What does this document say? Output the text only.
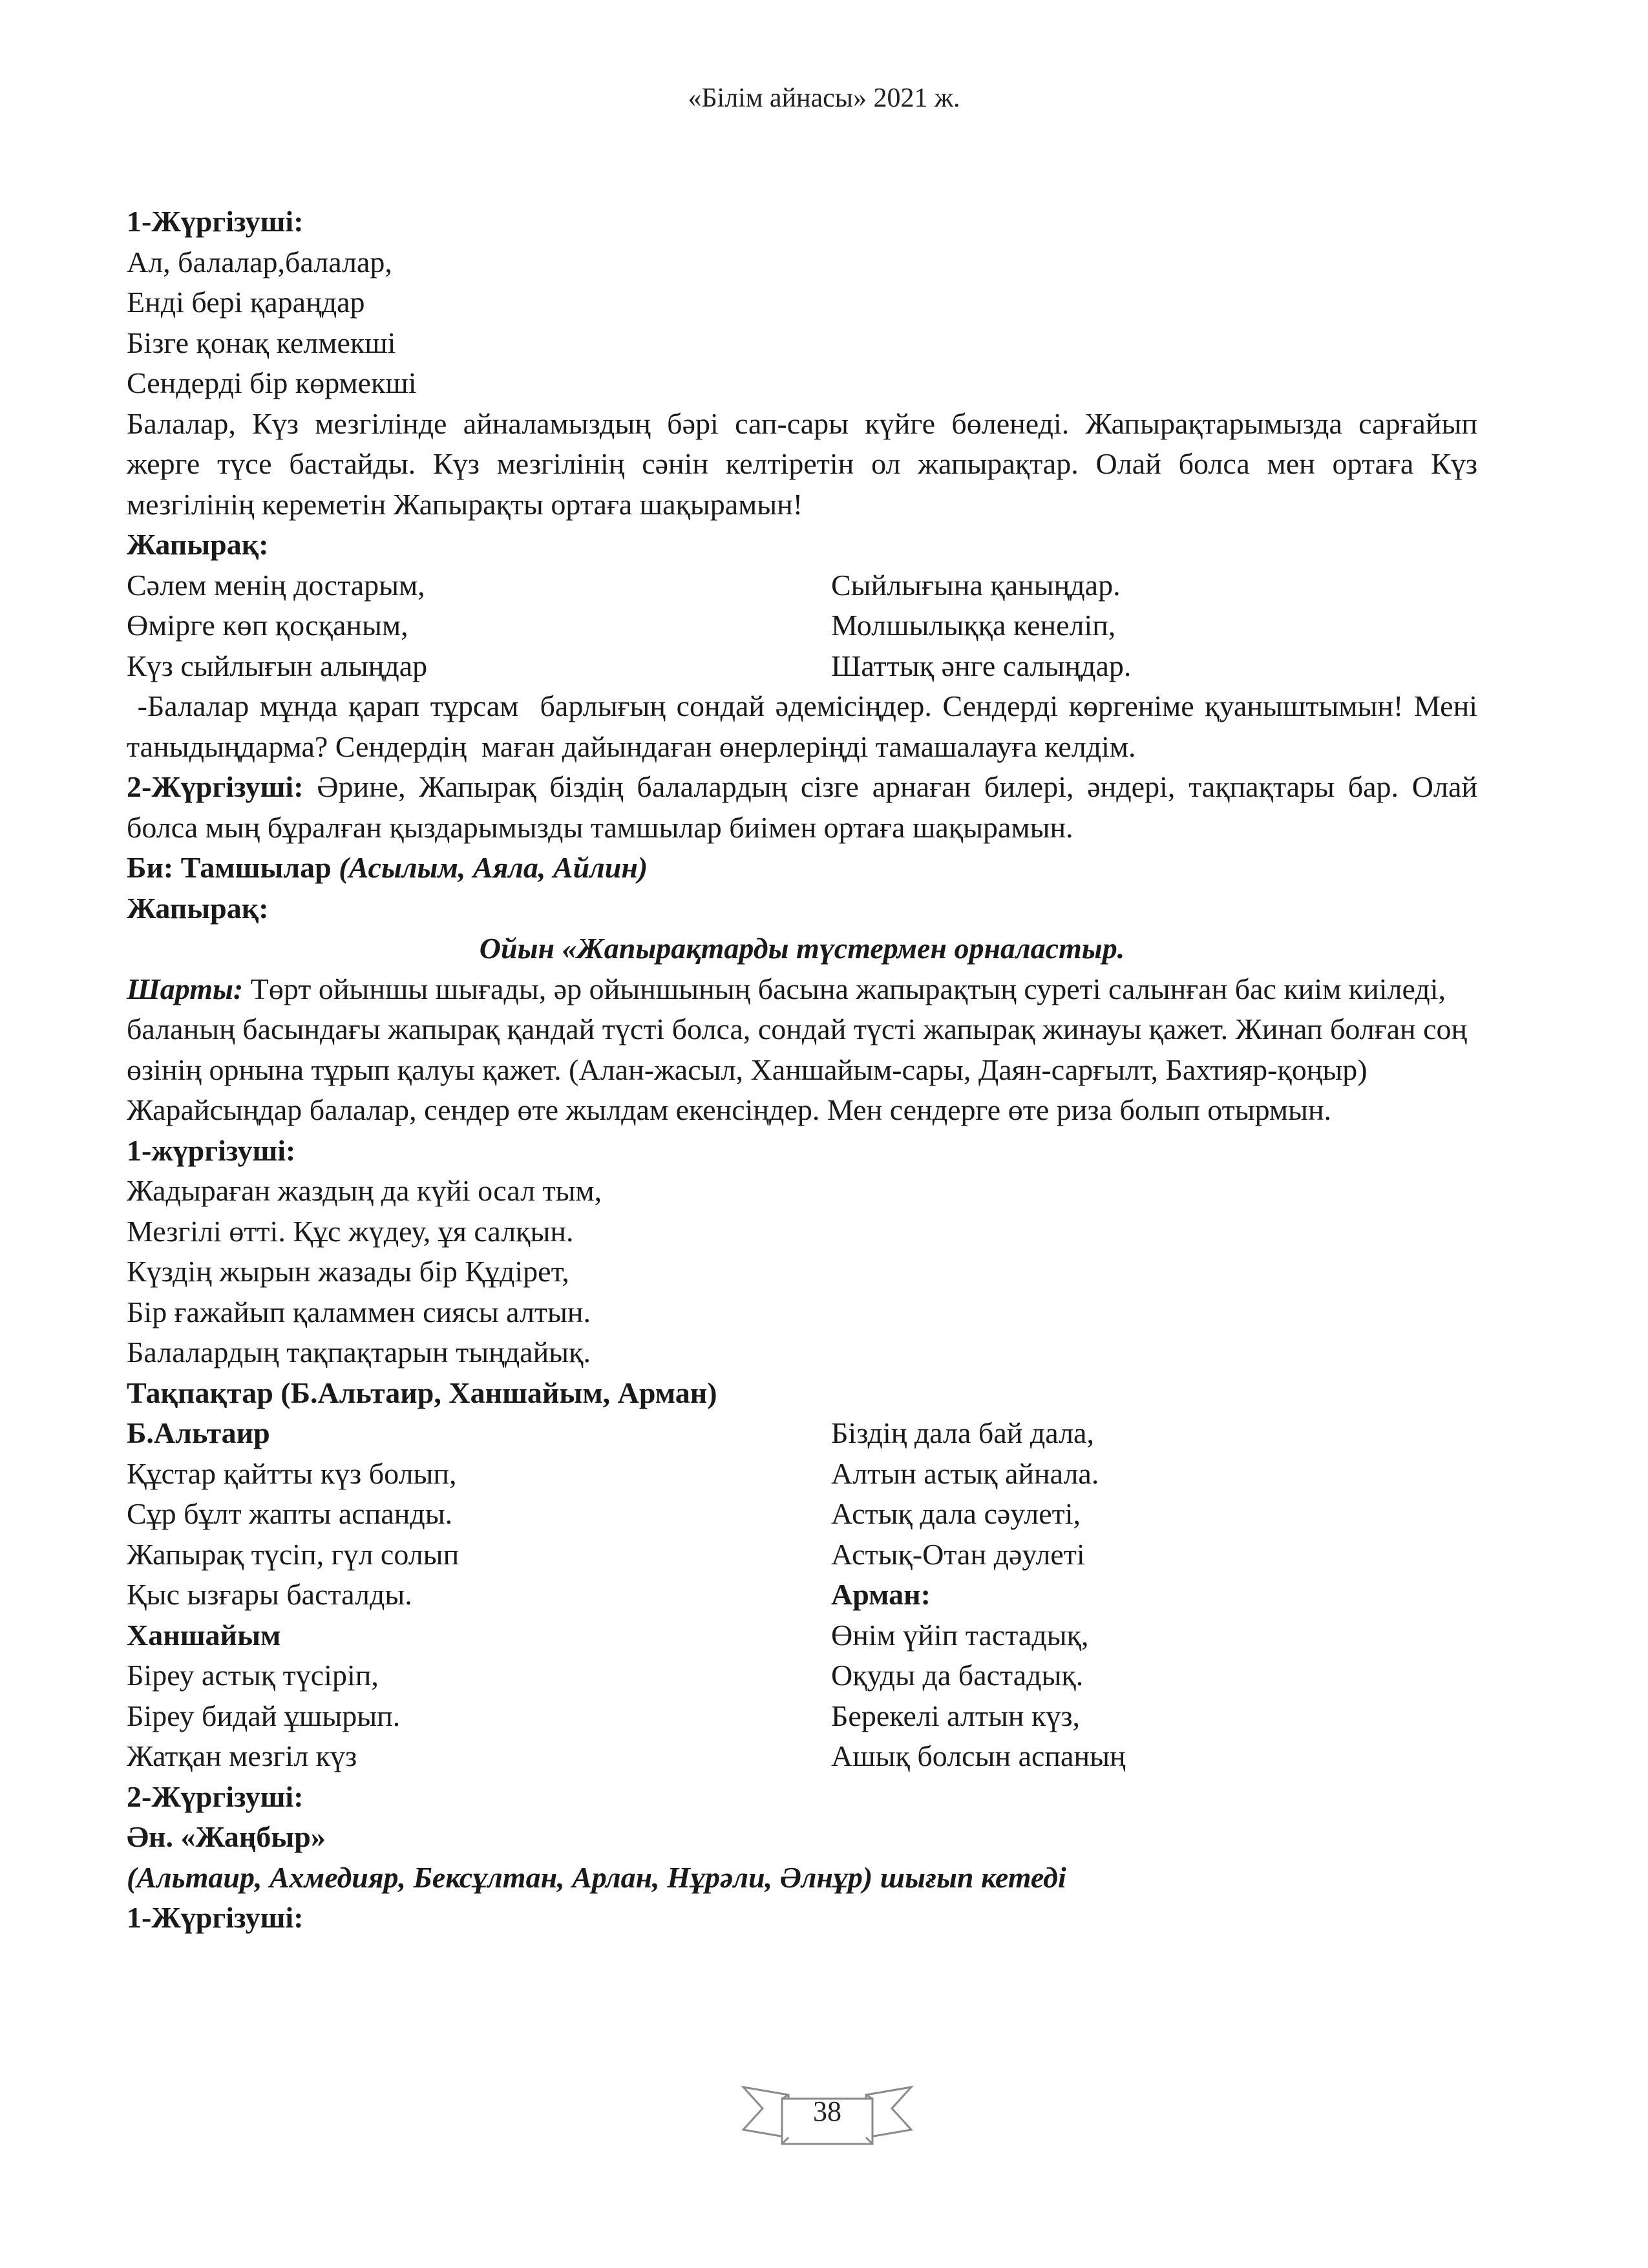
«Білім айнасы» 2021 ж.
1-Жүргізуші:
Ал, балалар,балалар,
Енді бері қараңдар
Бізге қонақ келмекші
Сендерді бір көрмекші
Балалар, Күз мезгілінде айналамыздың бәрі сап-сары күйге бөленеді. Жапырақтарымызда сарғайып жерге түсе бастайды. Күз мезгілінің сәнін келтіретін ол жапырақтар. Олай болса мен ортаға Күз мезгілінің кереметін Жапырақты ортаға шақырамын!
Жапырақ:
Сәлем менің достарым,
Өмірге көп қосқаным,
Күз сыйлығын алыңдар
Сыйлығына қаныңдар.
Молшылыққа кенеліп,
Шаттық әнге салыңдар.
-Балалар мұнда қарап тұрсам  барлығың сондай әдемісіңдер. Сендерді көргеніме қуаныштымын! Мені таныдыңдарма? Сендердің  маған дайындаған өнерлеріңді тамашалауға келдім.
2-Жүргізуші: Әрине, Жапырақ біздің балалардың сізге арнаған билері, әндері, тақпақтары бар. Олай болса мың бұралған қыздарымызды тамшылар биімен ортаға шақырамын.
Би: Тамшылар (Асылым, Аяла, Айлин)
Жапырақ:
Ойын «Жапырақтарды түстермен орналастыр.
Шарты: Төрт ойыншы шығады, әр ойыншының басына жапырақтың суреті салынған бас киім киіледі, баланың басындағы жапырақ қандай түсті болса, сондай түсті жапырақ жинауы қажет. Жинап болған соң өзінің орнына тұрып қалуы қажет. (Алан-жасыл, Ханшайым-сары, Даян-сарғылт, Бахтияр-қоңыр)
Жарайсыңдар балалар, сендер өте жылдам екенсіңдер. Мен сендерге өте риза болып отырмын.
1-жүргізуші:
Жадыраған жаздың да күйі осал тым,
Мезгілі өтті. Құс жүдеу, ұя салқын.
Күздің жырын жазады бір Құдірет,
Бір ғажайып қаламмен сиясы алтын.
Балалардың тақпақтарын тыңдайық.
Тақпақтар (Б.Альтаир, Ханшайым, Арман)
Б.Альтаир
Құстар қайтты күз болып,
Сұр бұлт жапты аспанды.
Жапырақ түсіп, гүл солып
Қыс ызғары басталды.
Ханшайым
Біреу астық түсіріп,
Біреу бидай ұшырып.
Жатқан мезгіл күз
Біздің дала бай дала,
Алтын астық айнала.
Астық дала сәулеті,
Астық-Отан дәулеті
Арман:
Өнім үйіп тастадық,
Оқуды да бастадық.
Берекелі алтын күз,
Ашық болсын аспаның
2-Жүргізуші:
Ән. «Жаңбыр»
(Альтаир, Ахмедияр, Бексұлтан, Арлан, Нұрәли, Әлнұр) шығып кетеді
1-Жүргізуші:
38
